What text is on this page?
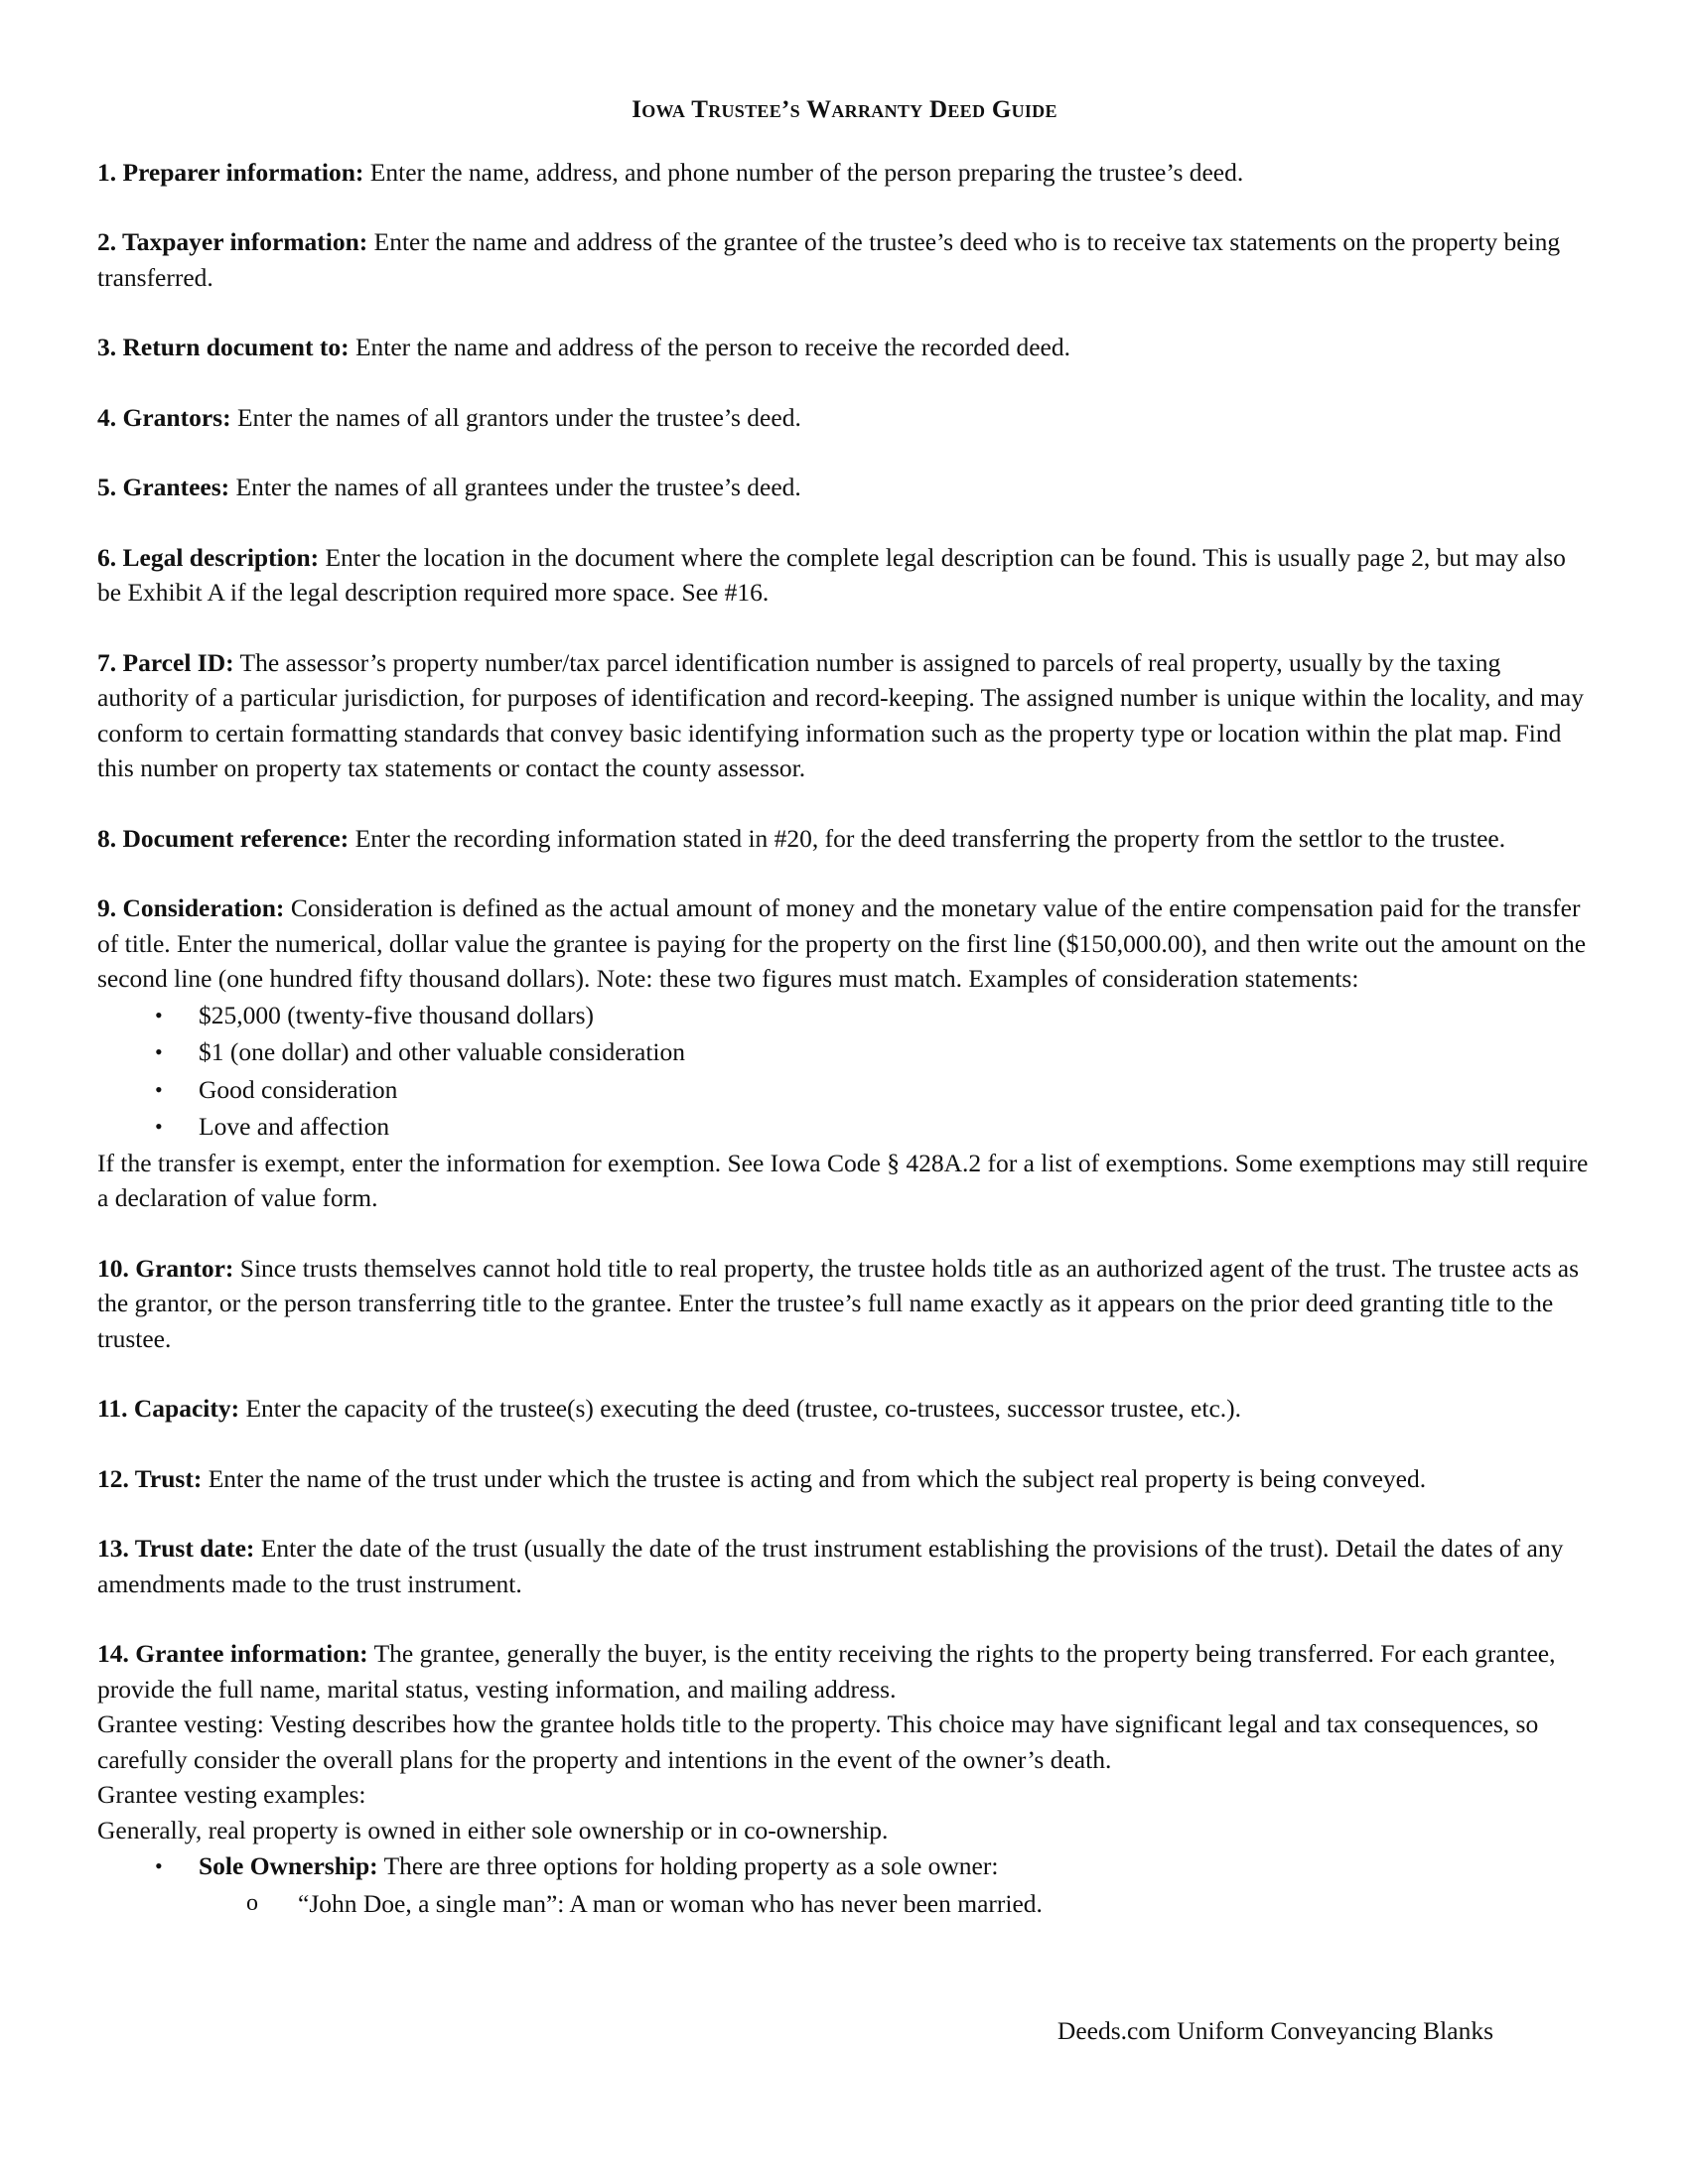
Iowa Trustee’s Warranty Deed Guide
1. Preparer information: Enter the name, address, and phone number of the person preparing the trustee’s deed.
2. Taxpayer information: Enter the name and address of the grantee of the trustee’s deed who is to receive tax statements on the property being transferred.
3. Return document to: Enter the name and address of the person to receive the recorded deed.
4. Grantors: Enter the names of all grantors under the trustee’s deed.
5. Grantees: Enter the names of all grantees under the trustee’s deed.
6. Legal description: Enter the location in the document where the complete legal description can be found. This is usually page 2, but may also be Exhibit A if the legal description required more space. See #16.
7. Parcel ID: The assessor’s property number/tax parcel identification number is assigned to parcels of real property, usually by the taxing authority of a particular jurisdiction, for purposes of identification and record-keeping. The assigned number is unique within the locality, and may conform to certain formatting standards that convey basic identifying information such as the property type or location within the plat map. Find this number on property tax statements or contact the county assessor.
8. Document reference: Enter the recording information stated in #20, for the deed transferring the property from the settlor to the trustee.
9. Consideration: Consideration is defined as the actual amount of money and the monetary value of the entire compensation paid for the transfer of title. Enter the numerical, dollar value the grantee is paying for the property on the first line ($150,000.00), and then write out the amount on the second line (one hundred fifty thousand dollars). Note: these two figures must match. Examples of consideration statements:
• $25,000 (twenty-five thousand dollars)
• $1 (one dollar) and other valuable consideration
• Good consideration
• Love and affection
If the transfer is exempt, enter the information for exemption. See Iowa Code § 428A.2 for a list of exemptions. Some exemptions may still require a declaration of value form.
10. Grantor: Since trusts themselves cannot hold title to real property, the trustee holds title as an authorized agent of the trust. The trustee acts as the grantor, or the person transferring title to the grantee. Enter the trustee’s full name exactly as it appears on the prior deed granting title to the trustee.
11. Capacity: Enter the capacity of the trustee(s) executing the deed (trustee, co-trustees, successor trustee, etc.).
12. Trust: Enter the name of the trust under which the trustee is acting and from which the subject real property is being conveyed.
13. Trust date: Enter the date of the trust (usually the date of the trust instrument establishing the provisions of the trust). Detail the dates of any amendments made to the trust instrument.
14. Grantee information: The grantee, generally the buyer, is the entity receiving the rights to the property being transferred. For each grantee, provide the full name, marital status, vesting information, and mailing address.
Grantee vesting: Vesting describes how the grantee holds title to the property. This choice may have significant legal and tax consequences, so carefully consider the overall plans for the property and intentions in the event of the owner’s death.
Grantee vesting examples:
Generally, real property is owned in either sole ownership or in co-ownership.
• Sole Ownership: There are three options for holding property as a sole owner:
o “John Doe, a single man”: A man or woman who has never been married.
Deeds.com Uniform Conveyancing Blanks
